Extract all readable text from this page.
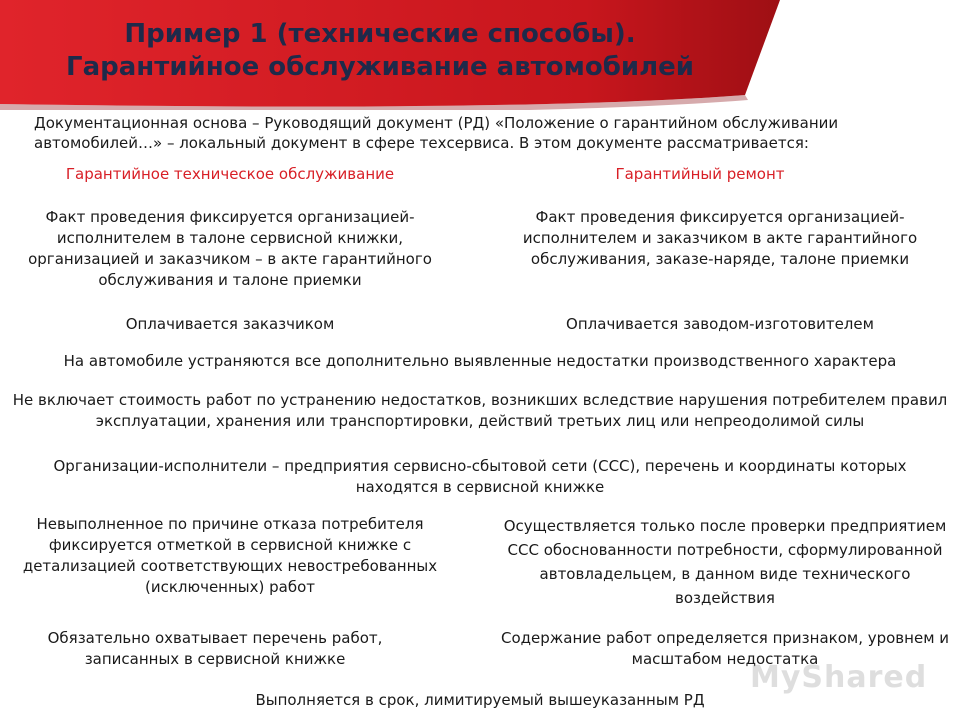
Пример 1 (технические способы).
Гарантийное обслуживание автомобилей
Документационная основа – Руководящий документ (РД) «Положение о гарантийном обслуживании автомобилей…» – локальный документ в сфере техсервиса. В этом документе рассматривается:
Гарантийное техническое обслуживание	Гарантийный ремонт
Факт проведения фиксируется организацией-исполнителем в талоне сервисной книжки, организацией и заказчиком – в акте гарантийного обслуживания и талоне приемки
Факт проведения фиксируется организацией-исполнителем и заказчиком в акте гарантийного обслуживания, заказе-наряде, талоне приемки
Оплачивается заказчиком	Оплачивается заводом-изготовителем
На автомобиле устраняются все дополнительно выявленные недостатки производственного характера
Не включает стоимость работ по устранению недостатков, возникших вследствие нарушения потребителем правил эксплуатации, хранения или транспортировки, действий третьих лиц или непреодолимой силы
Организации-исполнители – предприятия сервисно-сбытовой сети (ССС), перечень и координаты которых находятся в сервисной книжке
Невыполненное по причине отказа потребителя фиксируется отметкой в сервисной книжке с детализацией соответствующих невостребованных (исключенных) работ
Осуществляется только после проверки предприятием ССС обоснованности потребности, сформулированной автовладельцем, в данном виде технического воздействия
Обязательно охватывает перечень работ, записанных в сервисной книжке
Содержание работ определяется признаком, уровнем и масштабом недостатка
Выполняется в срок, лимитируемый вышеуказанным РД
MyShared
